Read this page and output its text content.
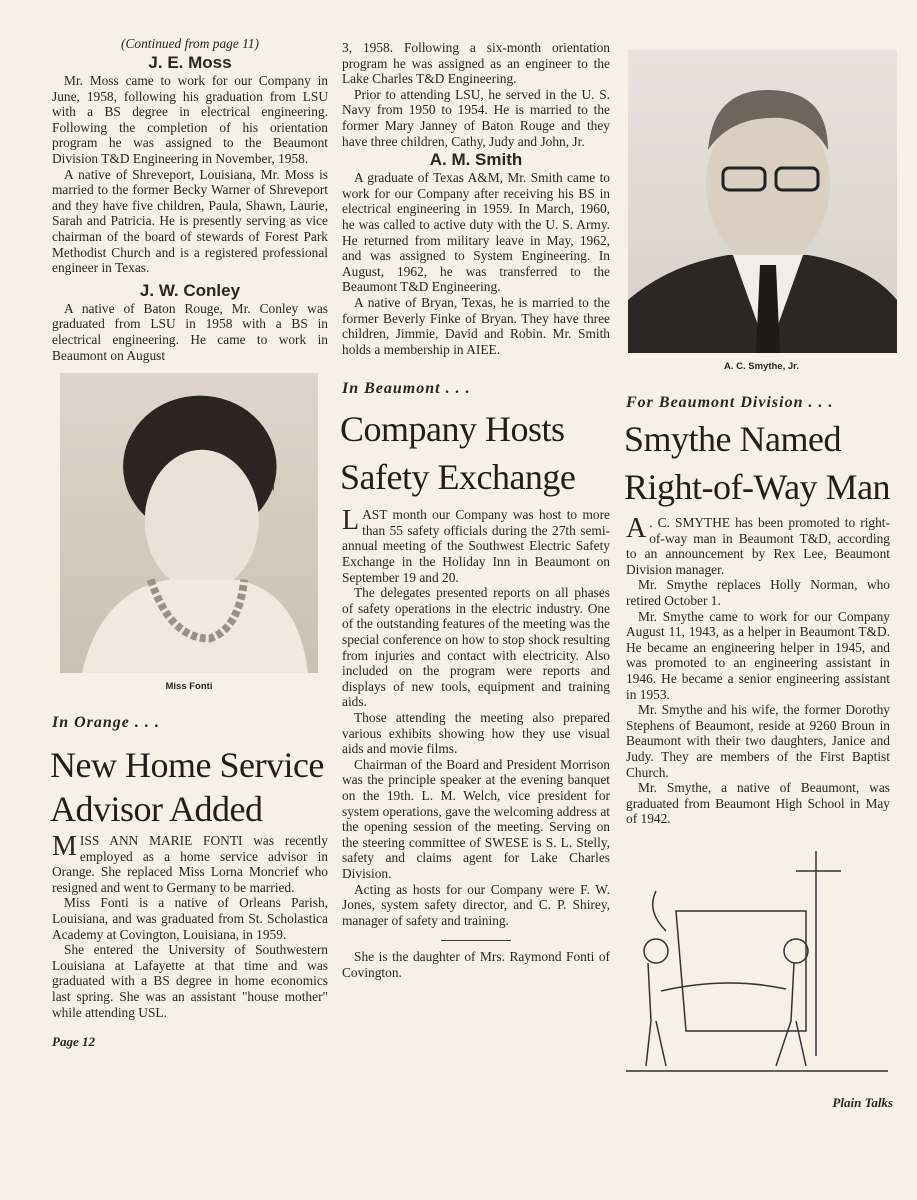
(Continued from page 11)
J. E. Moss

Mr. Moss came to work for our Company in June, 1958, following his graduation from LSU with a BS degree in electrical engineering. Following the completion of his orientation program he was assigned to the Beaumont Division T&D Engineering in November, 1958.

A native of Shreveport, Louisiana, Mr. Moss is married to the former Becky Warner of Shreveport and they have five children, Paula, Shawn, Laurie, Sarah and Patricia. He is presently serving as vice chairman of the board of stewards of Forest Park Methodist Church and is a registered professional engineer in Texas.

J. W. Conley

A native of Baton Rouge, Mr. Conley was graduated from LSU in 1958 with a BS in electrical engineering. He came to work in Beaumont on August

Miss Fonti
In Orange . . .
New Home Service
Advisor Added

MISS ANN MARIE FONTI was recently employed as a home service advisor in Orange. She replaced Miss Lorna Moncrief who resigned and went to Germany to be married.

Miss Fonti is a native of Orleans Parish, Louisiana, and was graduated from St. Scholastica Academy at Covington, Louisiana, in 1959.

She entered the University of Southwestern Louisiana at Lafayette at that time and was graduated with a BS degree in home economics last spring. She was an assistant "house mother" while attending USL.

Page 12

3, 1958. Following a six-month orientation program he was assigned as an engineer to the Lake Charles T&D Engineering.

Prior to attending LSU, he served in the U. S. Navy from 1950 to 1954. He is married to the former Mary Janney of Baton Rouge and they have three children, Cathy, Judy and John, Jr.

A. M. Smith

A graduate of Texas A&M, Mr. Smith came to work for our Company after receiving his BS in electrical engineering in 1959. In March, 1960, he was called to active duty with the U. S. Army. He returned from military leave in May, 1962, and was assigned to System Engineering. In August, 1962, he was transferred to the Beaumont T&D Engineering.

A native of Bryan, Texas, he is married to the former Beverly Finke of Bryan. They have three children, Jimmie, David and Robin. Mr. Smith holds a membership in AIEE.

In Beaumont . . .
Company Hosts
Safety Exchange

LAST month our Company was host to more than 55 safety officials during the 27th semi-annual meeting of the Southwest Electric Safety Exchange in the Holiday Inn in Beaumont on September 19 and 20.

The delegates presented reports on all phases of safety operations in the electric industry. One of the outstanding features of the meeting was the special conference on how to stop shock resulting from injuries and contact with electricity. Also included on the program were reports and displays of new tools, equipment and training aids.

Those attending the meeting also prepared various exhibits showing how they use visual aids and movie films.

Chairman of the Board and President Morrison was the principle speaker at the evening banquet on the 19th. L. M. Welch, vice president for system operations, gave the welcoming address at the opening session of the meeting. Serving on the steering committee of SWESE is S. L. Stelly, safety and claims agent for Lake Charles Division.

Acting as hosts for our Company were F. W. Jones, system safety director, and C. P. Shirey, manager of safety and training.

She is the daughter of Mrs. Raymond Fonti of Covington.

A. C. Smythe, Jr.
For Beaumont Division . . .
Smythe Named
Right-of-Way Man

A . C. SMYTHE has been promoted to right-of-way man in Beaumont T&D, according to an announcement by Rex Lee, Beaumont Division manager.

Mr. Smythe replaces Holly Norman, who retired October 1.

Mr. Smythe came to work for our Company August 11, 1943, as a helper in Beaumont T&D. He became an engineering helper in 1945, and was promoted to an engineering assistant in 1946. He became a senior engineering assistant in 1953.

Mr. Smythe and his wife, the former Dorothy Stephens of Beaumont, reside at 9260 Broun in Beaumont with their two daughters, Janice and Judy. They are members of the First Baptist Church.

Mr. Smythe, a native of Beaumont, was graduated from Beaumont High School in May of 1942.

Plain Talks
